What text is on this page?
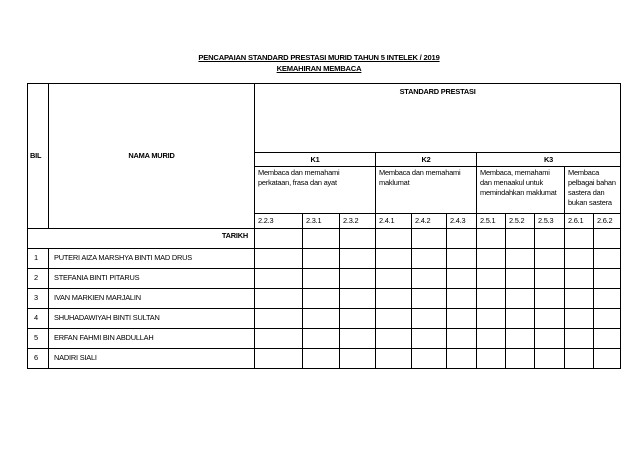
PENCAPAIAN STANDARD PRESTASI MURID TAHUN 5 INTELEK / 2019
KEMAHIRAN MEMBACA
BIL	NAMA MURID	STANDARD PRESTASI										
		K1			K2			K3				
		Membaca dan memahami perkataan, frasa dan ayat			Membaca dan memahami maklumat			Membaca, memahami dan menaakul untuk memindahkan maklumat			Membaca pelbagai bahan sastera dan bukan sastera	
		2.2.3	2.3.1	2.3.2	2.4.1	2.4.2	2.4.3	2.5.1	2.5.2	2.5.3	2.6.1	2.6.2
TARIKH												
1	PUTERI AIZA MARSHYA BINTI MAD DRUS											
2	STEFANIA BINTI PITARUS											
3	IVAN MARKIEN MARJALIN											
4	SHUHADAWIYAH BINTI SULTAN											
5	ERFAN FAHMI BIN ABDULLAH											
6	NADIRI SIALI											
